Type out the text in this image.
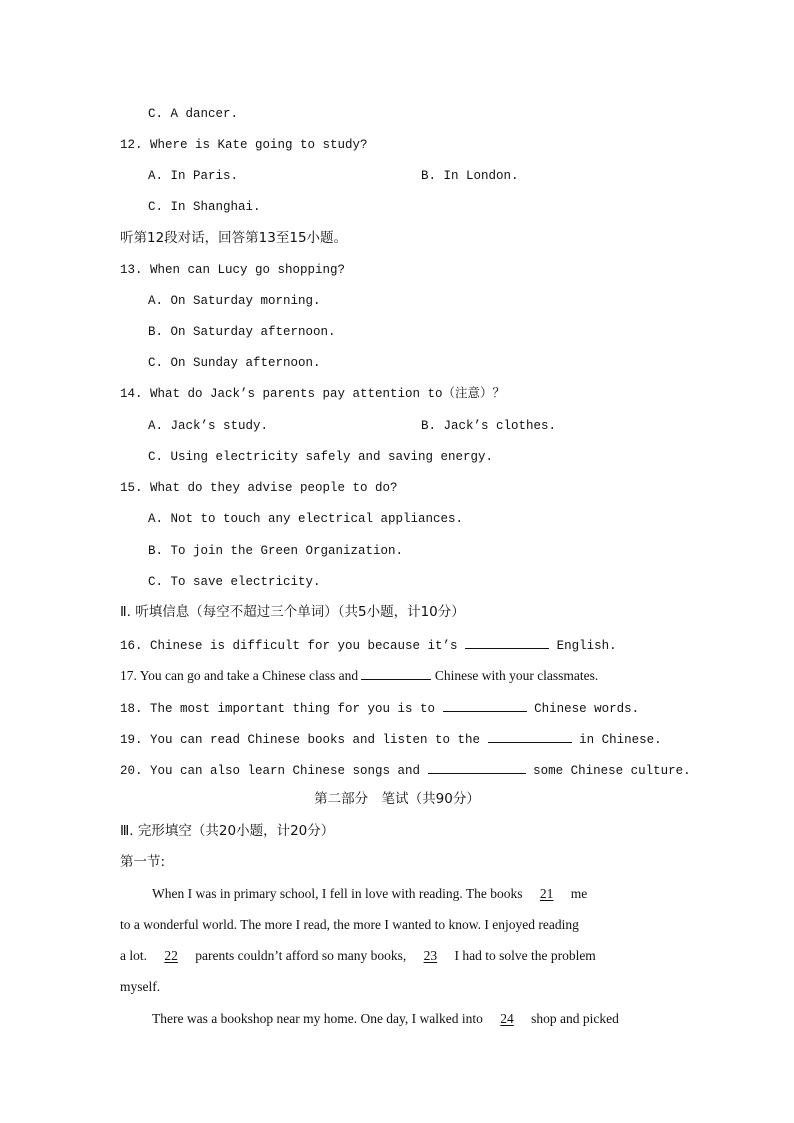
C. A dancer.
12. Where is Kate going to study?
A. In Paris.	B. In London.
C. In Shanghai.
听第12段对话，回答第13至15小题。
13. When can Lucy go shopping?
A. On Saturday morning.
B. On Saturday afternoon.
C. On Sunday afternoon.
14. What do Jack’s parents pay attention to（注意）？
A. Jack’s study.	B. Jack’s clothes.
C. Using electricity safely and saving energy.
15. What do they advise people to do?
A. Not to touch any electrical appliances.
B. To join the Green Organization.
C. To save electricity.
Ⅱ. 听填信息（每空不超过三个单词）（共5小题，计10分）
16. Chinese is difficult for you because it’s	English.
17. You can go and take a Chinese class and	Chinese with your classmates.
18. The most important thing for you is to	Chinese words.
19. You can read Chinese books and listen to the	in Chinese.
20. You can also learn Chinese songs and	some Chinese culture.
第二部分　笔试（共90分）
Ⅲ. 完形填空（共20小题，计20分）
第一节:
When I was in primary school, I fell in love with reading. The books 21 me
to a wonderful world. The more I read, the more I wanted to know. I enjoyed reading
a lot. 22 parents couldn’t afford so many books, 23 I had to solve the problem
myself.
There was a bookshop near my home. One day, I walked into 24 shop and picked
